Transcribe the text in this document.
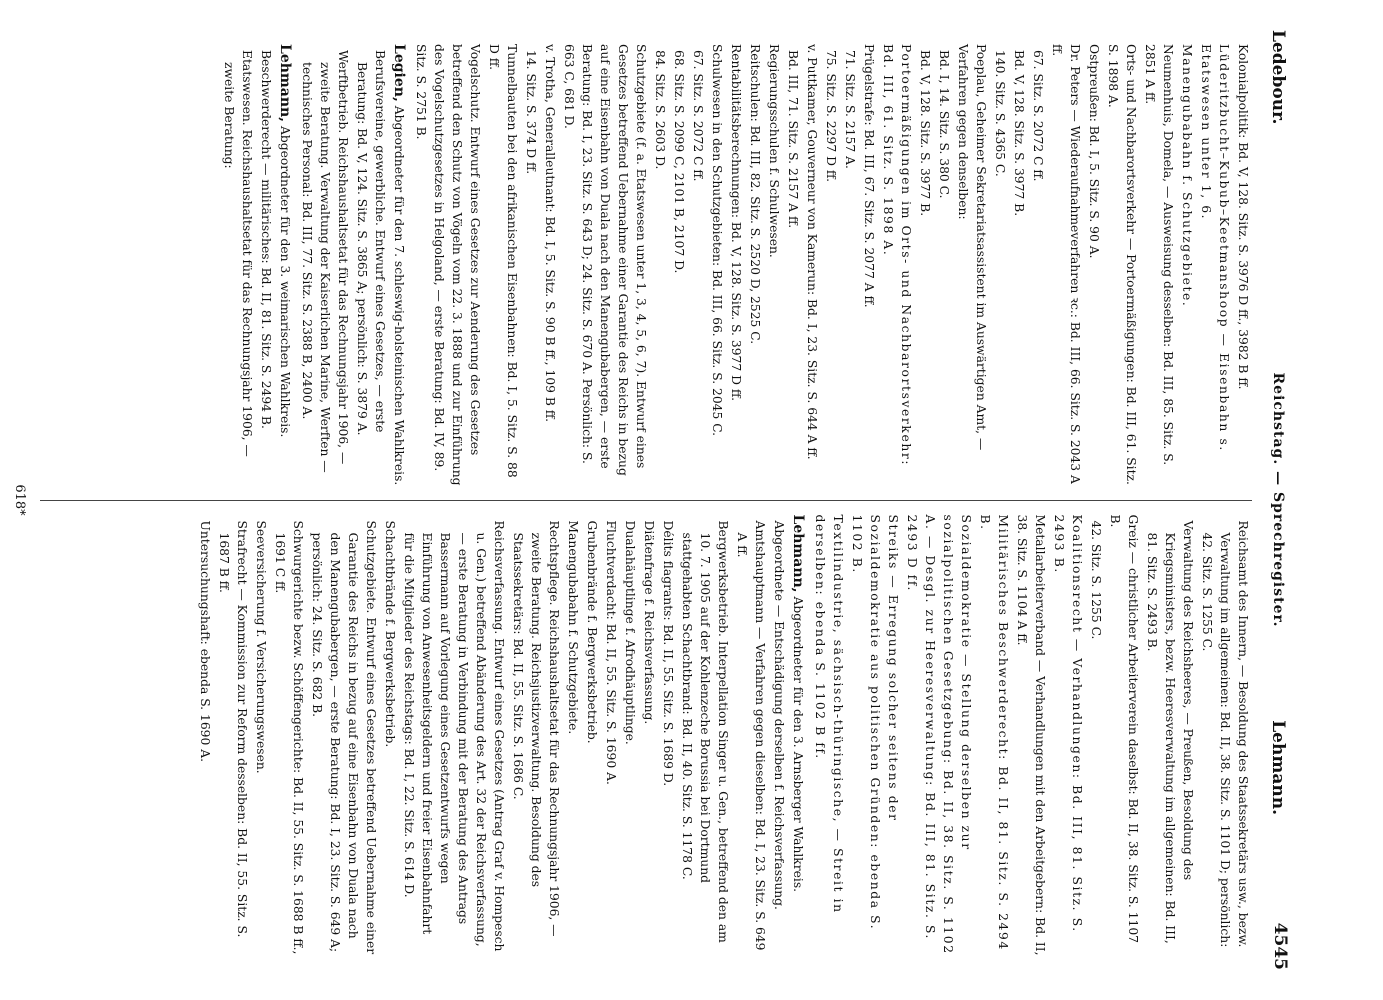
Ledebour.
Reichstag. — Sprechregister.
Lehmann.
4545

Kolonialpolitik: Bd. V, 128. Sitz. S. 3976 D ff., 3982 B ff.

Lüderitzbucht–Kubub–Keetmanshoop — Eisenbahn s. Etatswesen unter 1, 6.

Manengubabahn f. Schutzgebiete.

Neumenhuis, Domela, — Ausweisung desselben: Bd. III, 85. Sitz. S. 2851 A ff.

Orts- und Nachbarortsverkehr — Portoermäßigungen: Bd. III, 61. Sitz. S. 1898 A.

Ostpreußen: Bd. I, 5. Sitz. S. 90 A.

Dr. Peters — Wiederaufnahmeverfahren ꝛc.: Bd. III, 66. Sitz. S. 2043 A ff.

67. Sitz. S. 2072 C ff.

Bd. V, 128. Sitz. S. 3977 B.

140. Sitz. S. 4365 C.

Poeplau, Geheimer Sekretariatsassistent im Auswärtigen Amt, — Verfahren gegen denselben:

Bd. I, 14. Sitz. S. 380 C.

Bd. V, 128. Sitz. S. 3977 B.

Portoermäßigungen im Orts- und Nachbarortsverkehr: Bd. III, 61. Sitz. S. 1898 A.

Prügelstrafe: Bd. III, 67. Sitz. S. 2077 A ff.

71. Sitz. S. 2157 A.

75. Sitz. S. 2297 D ff.

v. Puttkamer, Gouverneur von Kamerun: Bd. I, 23. Sitz. S. 644 A ff.

Bd. III, 71. Sitz. S. 2157 A ff.

Regierungsschulen f. Schulwesen.

Reitschulen: Bd. III, 82. Sitz. S. 2520 D, 2525 C.

Rentabilitätsberechnungen: Bd. V, 128. Sitz. S. 3977 D ff.

Schulwesen in den Schutzgebieten: Bd. III, 66. Sitz. S. 2045 C.

67. Sitz. S. 2072 C ff.

68. Sitz. S. 2099 C, 2101 B, 2107 D.

84. Sitz. S. 2603 D.

Schutzgebiete (f. a. Etatswesen unter 1, 3, 4, 5, 6, 7). Entwurf eines Gesetzes betreffend Uebernahme einer Garantie des Reichs in bezug auf eine Eisenbahn von Duala nach den Manengubabergen, — erste Beratung: Bd. I, 23. Sitz. S. 643 D; 24. Sitz. S. 670 A. Persönlich: S. 663 C, 681 D.

v. Trotha, Generalleutnant: Bd. I, 5. Sitz. S. 90 B ff., 109 B ff.

14. Sitz. S. 374 D ff.

Tunnelbauten bei den afrikanischen Eisenbahnen: Bd. I, 5. Sitz. S. 88 D ff.

Vogelschutz. Entwurf eines Gesetzes zur Aenderung des Gesetzes betreffend den Schutz von Vögeln vom 22. 3. 1888 und zur Einführung des Vogelschutzgesetzes in Helgoland, — erste Beratung: Bd. IV, 89. Sitz. S. 2751 B.

Legien, Abgeordneter für den 7. schleswig-holsteinischen Wahlkreis.

Berufsvereine, gewerbliche. Entwurf eines Gesetzes, — erste Beratung: Bd. V, 124. Sitz. S. 3865 A; persönlich: S. 3879 A.

Werftbetrieb. Reichshaushaltsetat für das Rechnungsjahr 1906, — zweite Beratung. Verwaltung der Kaiserlichen Marine, Werften — technisches Personal: Bd. III, 77. Sitz. S. 2388 B, 2400 A.

Lehmann, Abgeordneter für den 3. weimarischen Wahlkreis.

Beschwerderecht — militärisches: Bd. II, 81. Sitz. S. 2494 B.

Etatswesen. Reichshaushaltsetat für das Rechnungsjahr 1906, — zweite Beratung:

Reichsamt des Innern, — Besoldung des Staatssekretärs usw., bezw. Verwaltung im allgemeinen: Bd. II, 38. Sitz. S. 1101 D; persönlich: 42. Sitz. S. 1255 C.

Verwaltung des Reichsheeres, — Preußen, Besoldung des Kriegsministers, bezw. Heeresverwaltung im allgemeinen: Bd. III, 81. Sitz. S. 2493 B.

Greiz — christlicher Arbeiterverein daselbst: Bd. II, 38. Sitz. S. 1107 B.

42. Sitz. S. 1255 C.

Koalitionsrecht — Verhandlungen: Bd. III, 81. Sitz. S. 2493 B.

Metallarbeiterverband — Verhandlungen mit den Arbeitgebern: Bd. II, 38. Sitz. S. 1104 A ff.

Militärisches Beschwerderecht: Bd. II, 81. Sitz. S. 2494 B.

Sozialdemokratie — Stellung derselben zur sozialpolitischen Gesetzgebung: Bd. II, 38. Sitz. S. 1102 A. — Desgl. zur Heeresverwaltung: Bd. III, 81. Sitz. S. 2493 D ff.

Streiks — Erregung solcher seitens der Sozialdemokratie aus politischen Gründen: ebenda S. 1102 B.

Textilindustrie, sächsisch-thüringische, — Streit in derselben: ebenda S. 1102 B ff.

Lehmann, Abgeordneter für den 3. Arnsberger Wahlkreis.

Abgeordnete — Entschädigung derselben f. Reichsverfassung.

Amtshauptmann — Verfahren gegen dieselben: Bd. I, 23. Sitz. S. 649 A ff.

Bergwerksbetrieb. Interpellation Singer u. Gen., betreffend den am 10. 7. 1905 auf der Kohlenzeche Borussia bei Dortmund stattgehabten Schachtbrand: Bd. II, 40. Sitz. S. 1178 C.

Délits flagrants: Bd. II, 55. Sitz. S. 1689 D.

Diätenfrage f. Reichsverfassung.

Dualahäuptlinge f. Afrodhäuptlinge.

Fluchtverdacht: Bd. II, 55. Sitz. S. 1690 A.

Grubenbrände f. Bergwerksbetrieb.

Manengubabahn f. Schutzgebiete.

Rechtspflege. Reichshaushaltsetat für das Rechnungsjahr 1906, — zweite Beratung. Reichsjustizverwaltung. Besoldung des Staatssekretärs: Bd. II, 55. Sitz. S. 1686 C.

Reichsverfassung. Entwurf eines Gesetzes (Antrag Graf v. Hompesch u. Gen.) betreffend Abänderung des Art. 32 der Reichsverfassung, — erste Beratung in Verbindung mit der Beratung des Antrags Bassermann auf Vorlegung eines Gesetzentwurfs wegen Einführung von Anwesenheitsgeldern und freier Eisenbahnfahrt für die Mitglieder des Reichstags: Bd. I, 22. Sitz. S. 614 D.

Schachtbrände f. Bergwerksbetrieb.

Schutzgebiete. Entwurf eines Gesetzes betreffend Uebernahme einer Garantie des Reichs in bezug auf eine Eisenbahn von Duala nach den Manengubabergen, — erste Beratung: Bd. I, 23. Sitz. S. 649 A; persönlich: 24. Sitz. S. 682 B.

Schwurgerichte bezw. Schöffengerichte: Bd. II, 55. Sitz. S. 1688 B ff., 1691 C ff.

Seeversicherung f. Versicherungswesen.

Strafrecht — Kommission zur Reform desselben: Bd. II, 55. Sitz. S. 1687 B ff.

Untersuchungshaft: ebenda S. 1690 A.

618*
